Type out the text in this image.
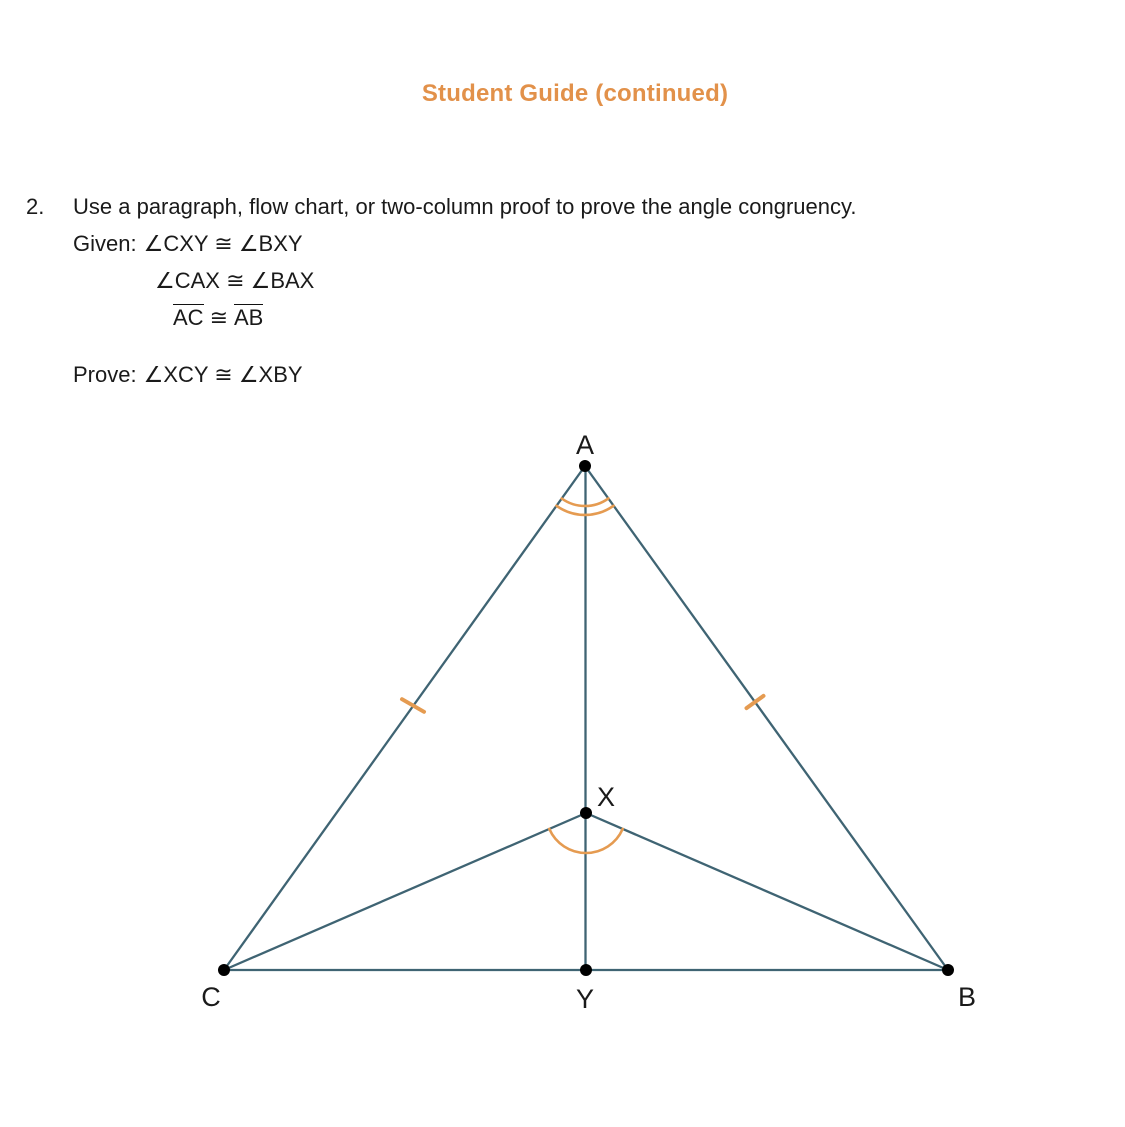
Student Guide (continued)
2. Use a paragraph, flow chart, or two-column proof to prove the angle congruency.
Given: ∠CXY ≅ ∠BXY
∠CAX ≅ ∠BAX
AC ≅ AB
Prove: ∠XCY ≅ ∠XBY
A
X
C	Y	B
